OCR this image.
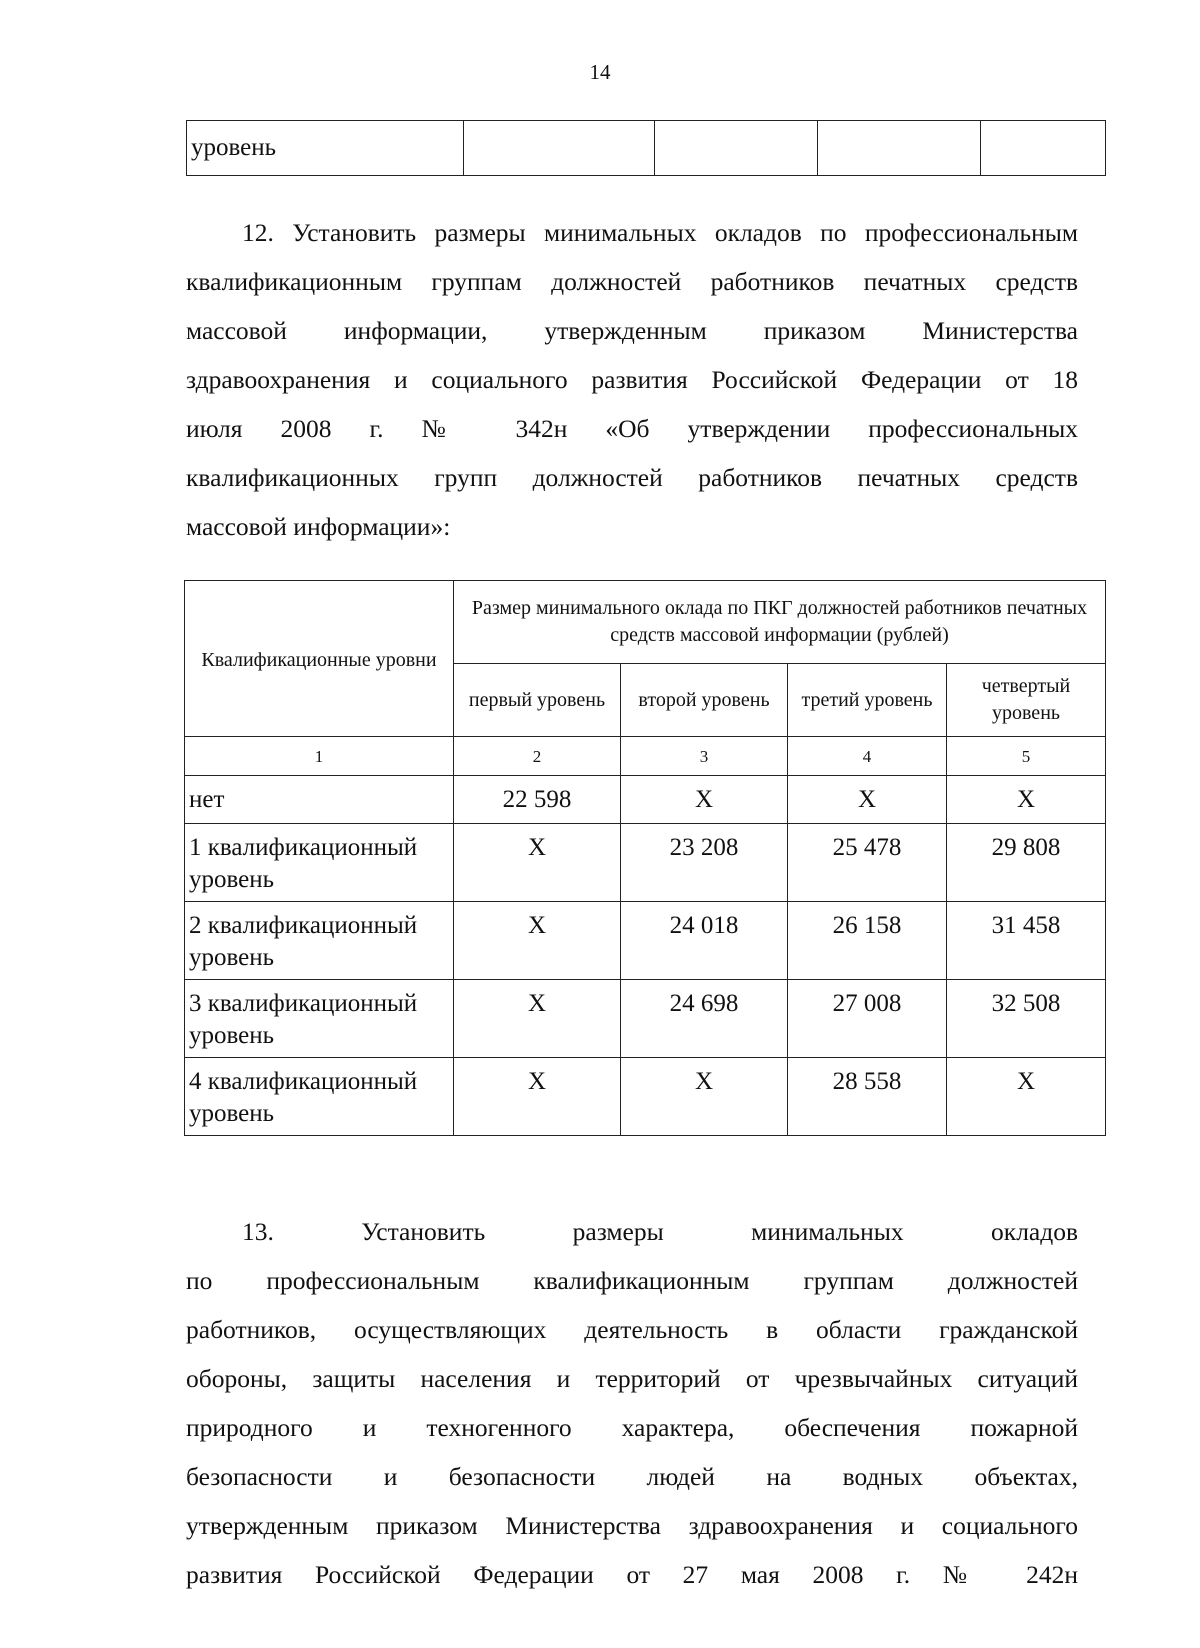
14
уровень				
12. Установить размеры минимальных окладов по профессиональным
квалификационным группам должностей работников печатных средств
массовой информации, утвержденным приказом Министерства
здравоохранения и социального развития Российской Федерации от 18
июля 2008 г. № 342н «Об утверждении профессиональных
квалификационных групп должностей работников печатных средств
массовой информации»:
Квалификационные уровни	Размер минимального оклада по ПКГ должностей работников печатных средств массовой информации (рублей)			
	первый уровень	второй уровень	третий уровень	четвертый уровень
1	2	3	4	5
нет	22 598	X	X	X
1 квалификационный уровень	X	23 208	25 478	29 808
2 квалификационный уровень	X	24 018	26 158	31 458
3 квалификационный уровень	X	24 698	27 008	32 508
4 квалификационный уровень	X	X	28 558	X
13. Установить размеры минимальных окладов
по профессиональным квалификационным группам должностей
работников, осуществляющих деятельность в области гражданской
обороны, защиты населения и территорий от чрезвычайных ситуаций
природного и техногенного характера, обеспечения пожарной
безопасности и безопасности людей на водных объектах,
утвержденным приказом Министерства здравоохранения и социального
развития Российской Федерации от 27 мая 2008 г. № 242н
